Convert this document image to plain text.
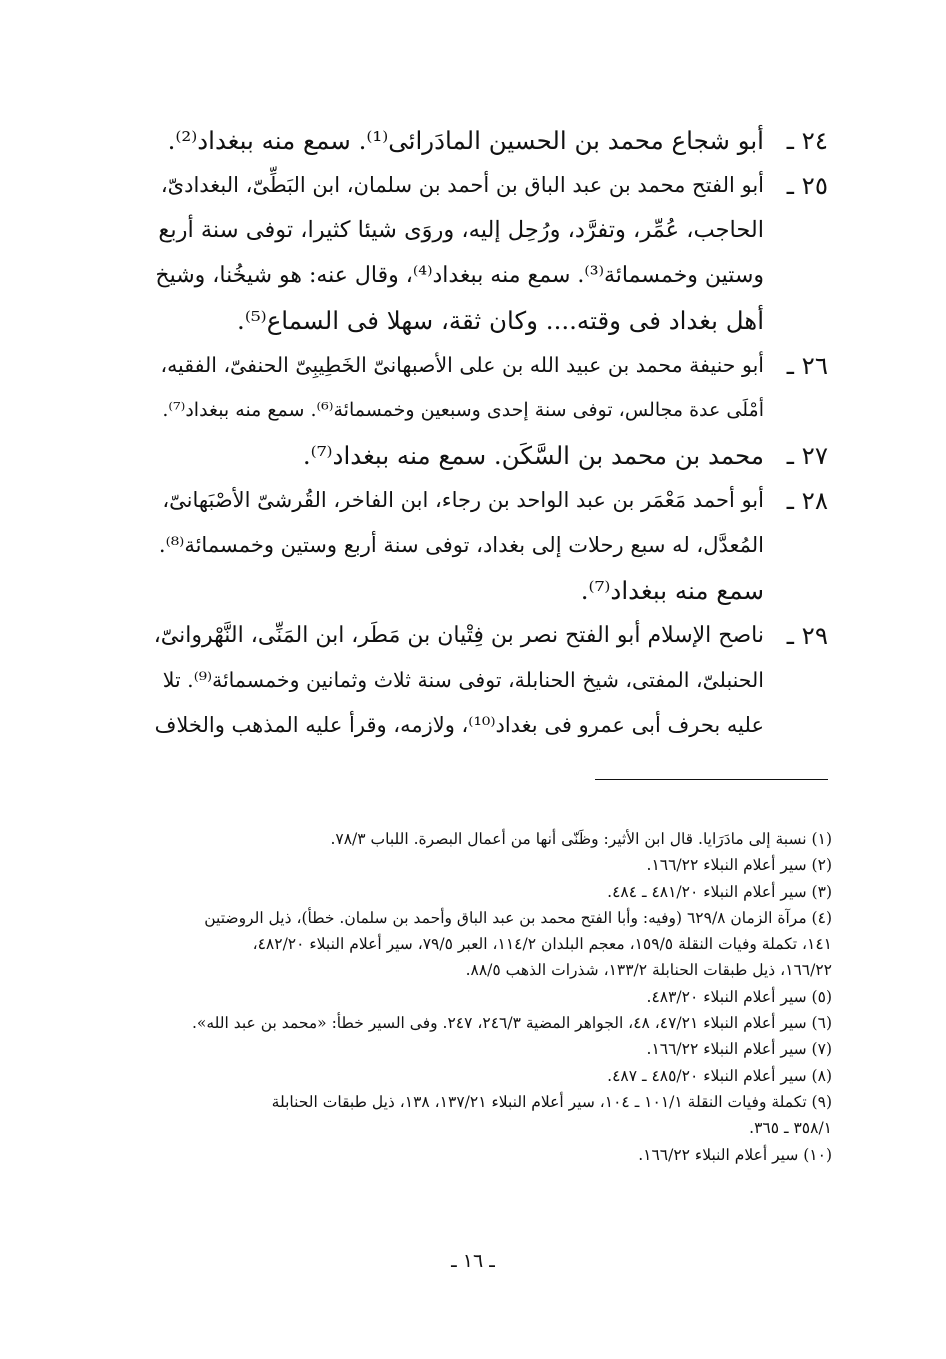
٢٤ ـ
أبو شجاع محمد بن الحسين المادَرائى⁽¹⁾. سمع منه ببغداد⁽²⁾.
٢٥ ـ
أبو الفتح محمد بن عبد الباق بن أحمد بن سلمان، ابن البَطِّىّ، البغدادىّ،
الحاجب، عُمِّر، وتفرَّد، ورُحِل إليه، وروَى شيئا كثيرا، توفى سنة أربع
وستين وخمسمائة⁽³⁾. سمع منه ببغداد⁽⁴⁾، وقال عنه: هو شيخُنا، وشيخ
أهل بغداد فى وقته.... وكان ثقة، سهلا فى السماع⁽⁵⁾.
٢٦ ـ
أبو حنيفة محمد بن عبيد الله بن على الأصبهانىّ الخَطِيبِىّ الحنفىّ، الفقيه،
أمْلَى عدة مجالس، توفى سنة إحدى وسبعين وخمسمائة⁽⁶⁾. سمع منه ببغداد⁽⁷⁾.
٢٧ ـ
محمد بن محمد بن السَّكَن. سمع منه ببغداد⁽⁷⁾.
٢٨ ـ
أبو أحمد مَعْمَر بن عبد الواحد بن رجاء، ابن الفاخر، القُرشىّ الأصْبَهانىّ،
المُعدَّل، له سبع رحلات إلى بغداد، توفى سنة أربع وستين وخمسمائة⁽⁸⁾.
سمع منه ببغداد⁽⁷⁾.
٢٩ ـ
ناصح الإسلام أبو الفتح نصر بن فِتْيان بن مَطَر، ابن المَنِّى، النَّهْروانىّ،
الحنبلىّ، المفتى، شيخ الحنابلة، توفى سنة ثلاث وثمانين وخمسمائة⁽⁹⁾. تلا
عليه بحرف أبى عمرو فى بغداد⁽¹⁰⁾، ولازمه، وقرأ عليه المذهب والخلاف
(١) نسبة إلى مادَرَايا. قال ابن الأثير: وظَنّى أنها من أعمال البصرة. اللباب ٧٨/٣.
(٢) سير أعلام النبلاء ١٦٦/٢٢.
(٣) سير أعلام النبلاء ٤٨١/٢٠ ـ ٤٨٤.
(٤) مرآة الزمان ٦٢٩/٨ (وفيه: وأبا الفتح محمد بن عبد الباق وأحمد بن سلمان. خطأ)، ذيل الروضتين
١٤١، تكملة وفيات النقلة ١٥٩/٥، معجم البلدان ١١٤/٢، العبر ٧٩/٥، سير أعلام النبلاء ٤٨٢/٢٠،
١٦٦/٢٢، ذيل طبقات الحنابلة ١٣٣/٢، شذرات الذهب ٨٨/٥.
(٥) سير أعلام النبلاء ٤٨٣/٢٠.
(٦) سير أعلام النبلاء ٤٧/٢١، ٤٨، الجواهر المضية ٢٤٦/٣، ٢٤٧. وفى السير خطأ: «محمد بن عبد الله».
(٧) سير أعلام النبلاء ١٦٦/٢٢.
(٨) سير أعلام النبلاء ٤٨٥/٢٠ ـ ٤٨٧.
(٩) تكملة وفيات النقلة ١٠١/١ ـ ١٠٤، سير أعلام النبلاء ١٣٧/٢١، ١٣٨، ذيل طبقات الحنابلة
٣٥٨/١ ـ ٣٦٥.
(١٠) سير أعلام النبلاء ١٦٦/٢٢.
ـ ١٦ ـ
